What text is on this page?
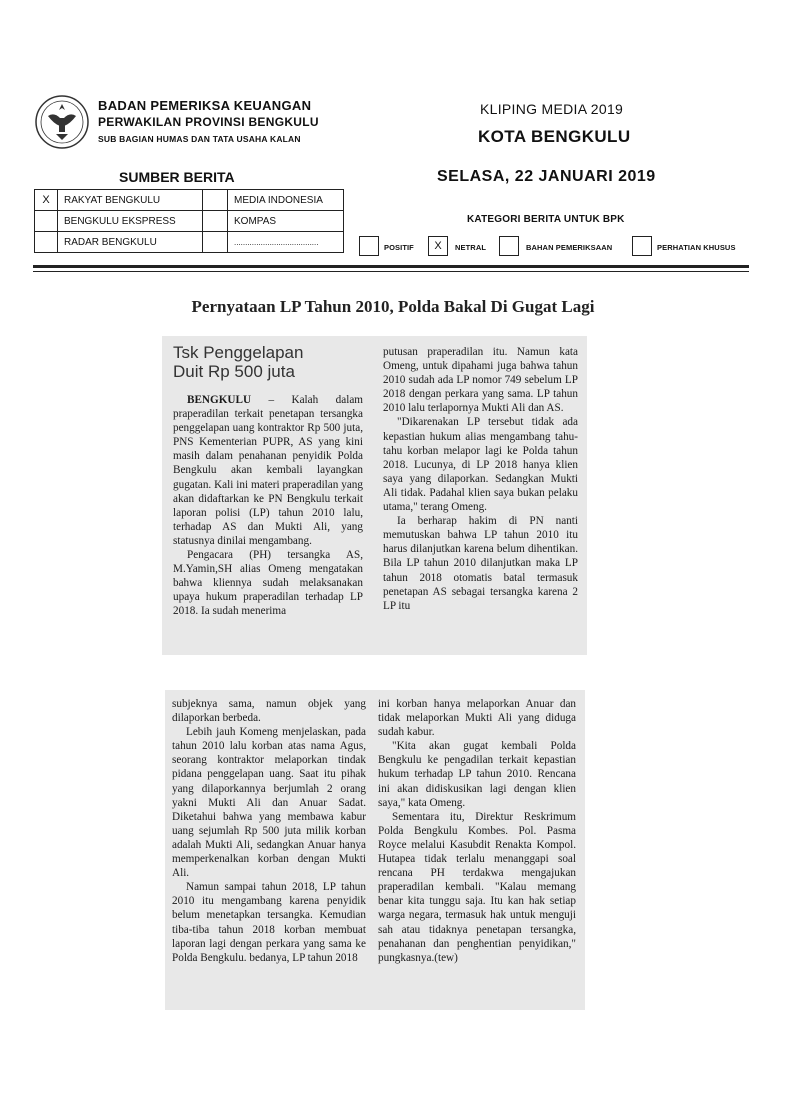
BADAN PEMERIKSA KEUANGAN
PERWAKILAN PROVINSI BENGKULU
SUB BAGIAN HUMAS DAN TATA USAHA KALAN
KLIPING MEDIA 2019
KOTA BENGKULU
SELASA, 22 JANUARI 2019
SUMBER BERITA
X	RAKYAT BENGKULU		MEDIA INDONESIA
	BENGKULU EKSPRESS		KOMPAS
	RADAR BENGKULU		......................................
KATEGORI BERITA UNTUK BPK
POSITIF	X	NETRAL	BAHAN PEMERIKSAAN	PERHATIAN KHUSUS
Pernyataan LP Tahun 2010, Polda Bakal Di Gugat Lagi
Tsk Penggelapan
Duit Rp 500 juta

BENGKULU – Kalah dalam praperadilan terkait penetapan tersangka penggelapan uang kontraktor Rp 500 juta, PNS Kementerian PUPR, AS yang kini masih dalam penahanan penyidik Polda Bengkulu akan kembali layangkan gugatan. Kali ini materi praperadilan yang akan didaftarkan ke PN Bengkulu terkait laporan polisi (LP) tahun 2010 lalu, terhadap AS dan Mukti Ali, yang statusnya dinilai mengambang.

Pengacara (PH) tersangka AS, M.Yamin,SH alias Omeng mengatakan bahwa kliennya sudah melaksanakan upaya hukum praperadilan terhadap LP 2018. Ia sudah menerima

putusan praperadilan itu. Namun kata Omeng, untuk dipahami juga bahwa tahun 2010 sudah ada LP nomor 749 sebelum LP 2018 dengan perkara yang sama. LP tahun 2010 lalu terlapornya Mukti Ali dan AS.

"Dikarenakan LP tersebut tidak ada kepastian hukum alias mengambang tahu-tahu korban melapor lagi ke Polda tahun 2018. Lucunya, di LP 2018 hanya klien saya yang dilaporkan. Sedangkan Mukti Ali tidak. Padahal klien saya bukan pelaku utama," terang Omeng.

Ia berharap hakim di PN nanti memutuskan bahwa LP tahun 2010 itu harus dilanjutkan karena belum dihentikan. Bila LP tahun 2010 dilanjutkan maka LP tahun 2018 otomatis batal termasuk penetapan AS sebagai tersangka karena 2 LP itu

subjeknya sama, namun objek yang dilaporkan berbeda.

Lebih jauh Komeng menjelaskan, pada tahun 2010 lalu korban atas nama Agus, seorang kontraktor melaporkan tindak pidana penggelapan uang. Saat itu pihak yang dilaporkannya berjumlah 2 orang yakni Mukti Ali dan Anuar Sadat. Diketahui bahwa yang membawa kabur uang sejumlah Rp 500 juta milik korban adalah Mukti Ali, sedangkan Anuar hanya memperkenalkan korban dengan Mukti Ali.

Namun sampai tahun 2018, LP tahun 2010 itu mengambang karena penyidik belum menetapkan tersangka. Kemudian tiba-tiba tahun 2018 korban membuat laporan lagi dengan perkara yang sama ke Polda Bengkulu. bedanya, LP tahun 2018

ini korban hanya melaporkan Anuar dan tidak melaporkan Mukti Ali yang diduga sudah kabur.

"Kita akan gugat kembali Polda Bengkulu ke pengadilan terkait kepastian hukum terhadap LP tahun 2010. Rencana ini akan didiskusikan lagi dengan klien saya," kata Omeng.

Sementara itu, Direktur Reskrimum Polda Bengkulu Kombes. Pol. Pasma Royce melalui Kasubdit Renakta Kompol. Hutapea tidak terlalu menanggapi soal rencana PH terdakwa mengajukan praperadilan kembali. "Kalau memang benar kita tunggu saja. Itu kan hak setiap warga negara, termasuk hak untuk menguji sah atau tidaknya penetapan tersangka, penahanan dan penghentian penyidikan," pungkasnya.(tew)
